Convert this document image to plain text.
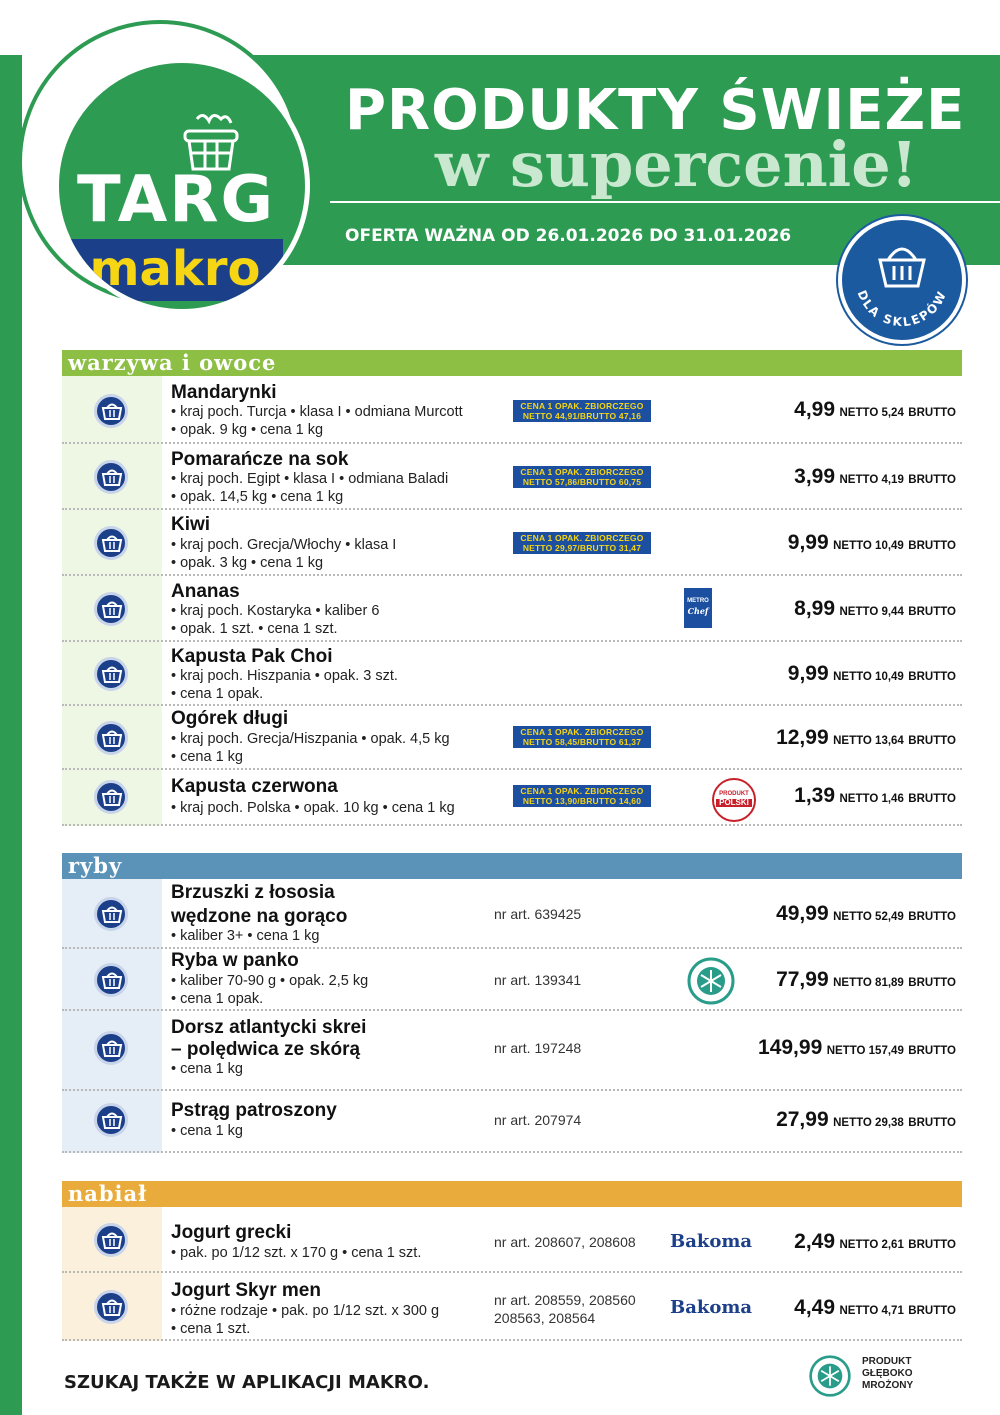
PRODUKTY ŚWIEŻE
w supercenie!
OFERTA WAŻNA OD 26.01.2026 DO 31.01.2026
TARG
makro	DLA SKLEPÓW
warzywa i owoce
Mandarynki
• kraj poch. Turcja • klasa I • odmiana Murcott
• opak. 9 kg • cena 1 kg
CENA 1 OPAK. ZBIORCZEGO
NETTO 44,91/BRUTTO 47,16	4,99 NETTO 5,24 BRUTTO
Pomarańcze na sok
• kraj poch. Egipt • klasa I • odmiana Baladi
• opak. 14,5 kg • cena 1 kg
CENA 1 OPAK. ZBIORCZEGO
NETTO 57,86/BRUTTO 60,75	3,99 NETTO 4,19 BRUTTO
Kiwi
• kraj poch. Grecja/Włochy • klasa I
• opak. 3 kg • cena 1 kg
CENA 1 OPAK. ZBIORCZEGO
NETTO 29,97/BRUTTO 31,47	9,99 NETTO 10,49 BRUTTO
Ananas
• kraj poch. Kostaryka • kaliber 6
• opak. 1 szt. • cena 1 szt.
METRO
Chef	8,99 NETTO 9,44 BRUTTO
Kapusta Pak Choi
• kraj poch. Hiszpania • opak. 3 szt.
• cena 1 opak.
9,99 NETTO 10,49 BRUTTO
Ogórek długi
• kraj poch. Grecja/Hiszpania • opak. 4,5 kg
• cena 1 kg
CENA 1 OPAK. ZBIORCZEGO
NETTO 58,45/BRUTTO 61,37	12,99 NETTO 13,64 BRUTTO
Kapusta czerwona
• kraj poch. Polska • opak. 10 kg • cena 1 kg
CENA 1 OPAK. ZBIORCZEGO
NETTO 13,90/BRUTTO 14,60
PRODUKT
POLSKI 1,39 NETTO 1,46 BRUTTO
ryby
Brzuszki z łososia
wędzone na gorąco
• kaliber 3+ • cena 1 kg
nr art. 639425	49,99 NETTO 52,49 BRUTTO
Ryba w panko
• kaliber 70-90 g • opak. 2,5 kg
• cena 1 opak.
nr art. 139341	77,99 NETTO 81,89 BRUTTO
Dorsz atlantycki skrei
– polędwica ze skórą
• cena 1 kg
nr art. 197248	149,99 NETTO 157,49 BRUTTO
Pstrąg patroszony
• cena 1 kg
nr art. 207974	27,99 NETTO 29,38 BRUTTO
nabiał
Jogurt grecki
• pak. po 1/12 szt. x 170 g • cena 1 szt.
nr art. 208607, 208608 Bakoma 2,49 NETTO 2,61 BRUTTO
Jogurt Skyr men
• różne rodzaje • pak. po 1/12 szt. x 300 g
• cena 1 szt.
nr art. 208559, 208560
208563, 208564	Bakoma 4,49 NETTO 4,71 BRUTTO
SZUKAJ TAKŻE W APLIKACJI MAKRO.
PRODUKT
GŁĘBOKO
MROŻONY
